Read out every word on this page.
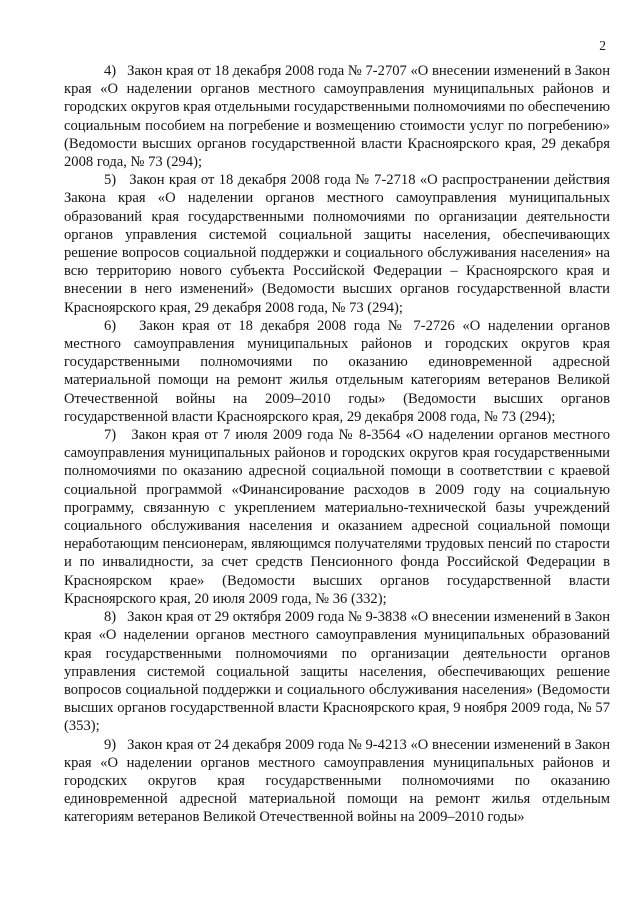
2

4)   Закон края от 18 декабря 2008 года № 7-2707 «О внесении изменений в Закон края «О наделении органов местного самоуправления муниципальных районов и городских округов края отдельными государственными полномочиями по обеспечению социальным пособием на погребение и возмещению стоимости услуг по погребению» (Ведомости высших органов государственной власти Красноярского края, 29 декабря 2008 года, № 73 (294);

5)   Закон края от 18 декабря 2008 года № 7-2718 «О распространении действия Закона края «О наделении органов местного самоуправления муниципальных образований края государственными полномочиями по организации деятельности органов управления системой социальной защиты населения, обеспечивающих решение вопросов социальной поддержки и социального обслуживания населения» на всю территорию нового субъекта Российской Федерации – Красноярского края и внесении в него изменений» (Ведомости высших органов государственной власти Красноярского края, 29 декабря 2008 года, № 73 (294);

6)   Закон края от 18 декабря 2008 года № 7-2726 «О наделении органов местного самоуправления муниципальных районов и городских округов края государственными полномочиями по оказанию единовременной адресной материальной помощи на ремонт жилья отдельным категориям ветеранов Великой Отечественной войны на 2009–2010 годы» (Ведомости высших органов государственной власти Красноярского края, 29 декабря 2008 года, № 73 (294);

7)   Закон края от 7 июля 2009 года № 8-3564 «О наделении органов местного самоуправления муниципальных районов и городских округов края государственными полномочиями по оказанию адресной социальной помощи в соответствии с краевой социальной программой «Финансирование расходов в 2009 году на социальную программу, связанную с укреплением материально-технической базы учреждений социального обслуживания населения и оказанием адресной социальной помощи неработающим пенсионерам, являющимся получателями трудовых пенсий по старости и по инвалидности, за счет средств Пенсионного фонда Российской Федерации в Красноярском крае» (Ведомости высших органов государственной власти Красноярского края, 20 июля 2009 года, № 36 (332);

8)   Закон края от 29 октября 2009 года № 9-3838 «О внесении изменений в Закон края «О наделении органов местного самоуправления муниципальных образований края государственными полномочиями по организации деятельности органов управления системой социальной защиты населения, обеспечивающих решение вопросов социальной поддержки и социального обслуживания населения» (Ведомости высших органов государственной власти Красноярского края, 9 ноября 2009 года, № 57 (353);

9)   Закон края от 24 декабря 2009 года № 9-4213 «О внесении изменений в Закон края «О наделении органов местного самоуправления муниципальных районов и городских округов края государственными полномочиями по оказанию единовременной адресной материальной помощи на ремонт жилья отдельным категориям ветеранов Великой Отечественной войны на 2009–2010 годы»
